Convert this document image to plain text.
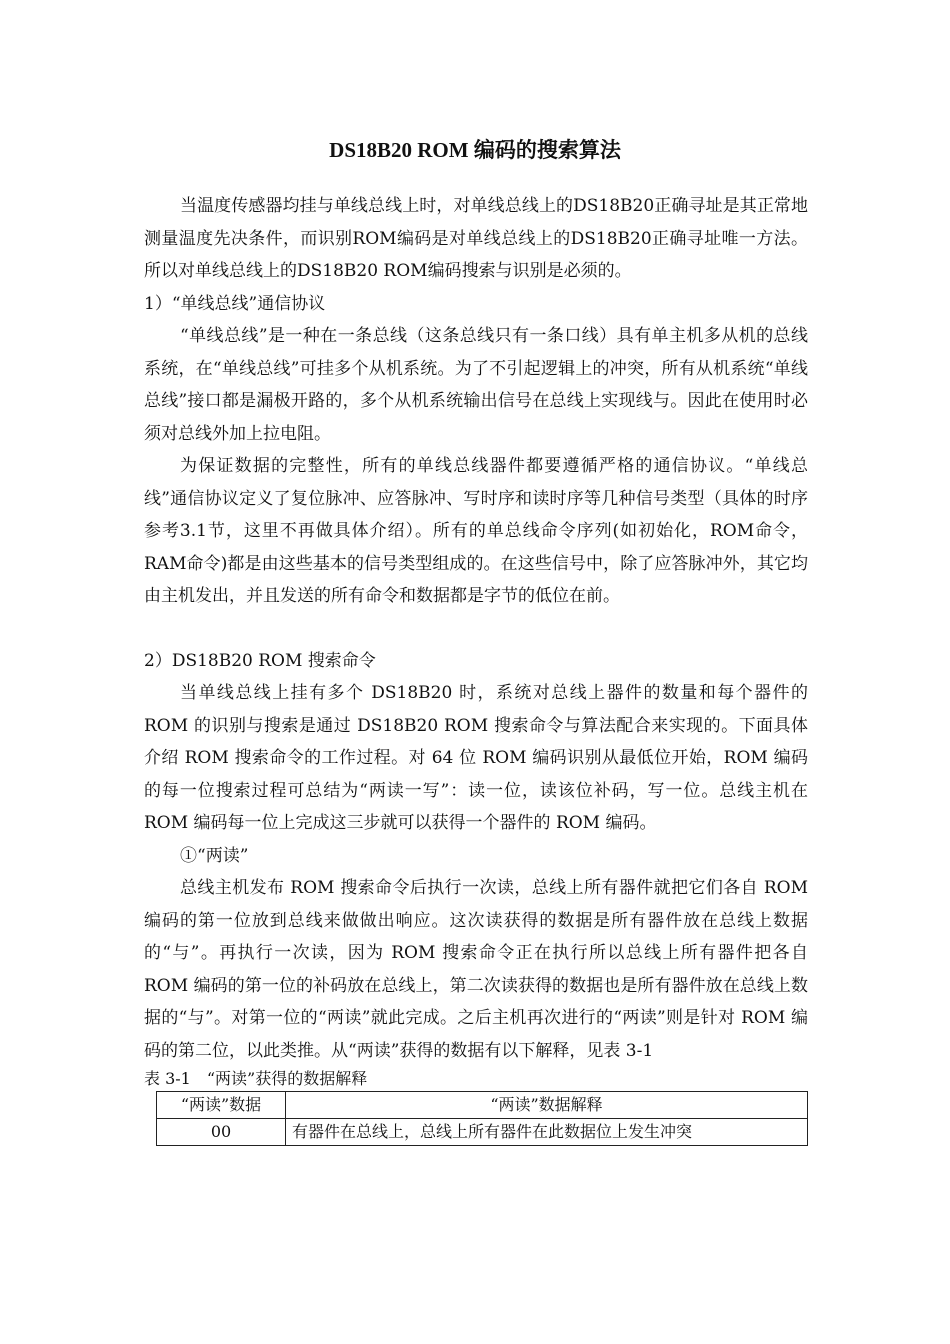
DS18B20 ROM 编码的搜索算法

当温度传感器均挂与单线总线上时，对单线总线上的DS18B20正确寻址是其正常地测量温度先决条件，而识别ROM编码是对单线总线上的DS18B20正确寻址唯一方法。所以对单线总线上的DS18B20 ROM编码搜索与识别是必须的。

1）“单线总线”通信协议

“单线总线”是一种在一条总线（这条总线只有一条口线）具有单主机多从机的总线系统，在“单线总线”可挂多个从机系统。为了不引起逻辑上的冲突，所有从机系统“单线总线”接口都是漏极开路的，多个从机系统输出信号在总线上实现线与。因此在使用时必须对总线外加上拉电阻。

为保证数据的完整性，所有的单线总线器件都要遵循严格的通信协议。“单线总线”通信协议定义了复位脉冲、应答脉冲、写时序和读时序等几种信号类型（具体的时序参考3.1节，这里不再做具体介绍）。所有的单总线命令序列(如初始化，ROM命令，RAM命令)都是由这些基本的信号类型组成的。在这些信号中，除了应答脉冲外，其它均由主机发出，并且发送的所有命令和数据都是字节的低位在前。

2）DS18B20 ROM 搜索命令

当单线总线上挂有多个 DS18B20 时，系统对总线上器件的数量和每个器件的 ROM 的识别与搜索是通过 DS18B20 ROM 搜索命令与算法配合来实现的。下面具体介绍 ROM 搜索命令的工作过程。对 64 位 ROM 编码识别从最低位开始，ROM 编码的每一位搜索过程可总结为“两读一写”：读一位，读该位补码，写一位。总线主机在 ROM 编码每一位上完成这三步就可以获得一个器件的 ROM 编码。

①“两读”

总线主机发布 ROM 搜索命令后执行一次读，总线上所有器件就把它们各自 ROM 编码的第一位放到总线来做做出响应。这次读获得的数据是所有器件放在总线上数据的“与”。再执行一次读，因为 ROM 搜索命令正在执行所以总线上所有器件把各自 ROM 编码的第一位的补码放在总线上，第二次读获得的数据也是所有器件放在总线上数据的“与”。对第一位的“两读”就此完成。之后主机再次进行的“两读”则是针对 ROM 编码的第二位，以此类推。从“两读”获得的数据有以下解释，见表 3-1

表 3-1　“两读”获得的数据解释

“两读”数据	“两读”数据解释
00	有器件在总线上，总线上所有器件在此数据位上发生冲突
